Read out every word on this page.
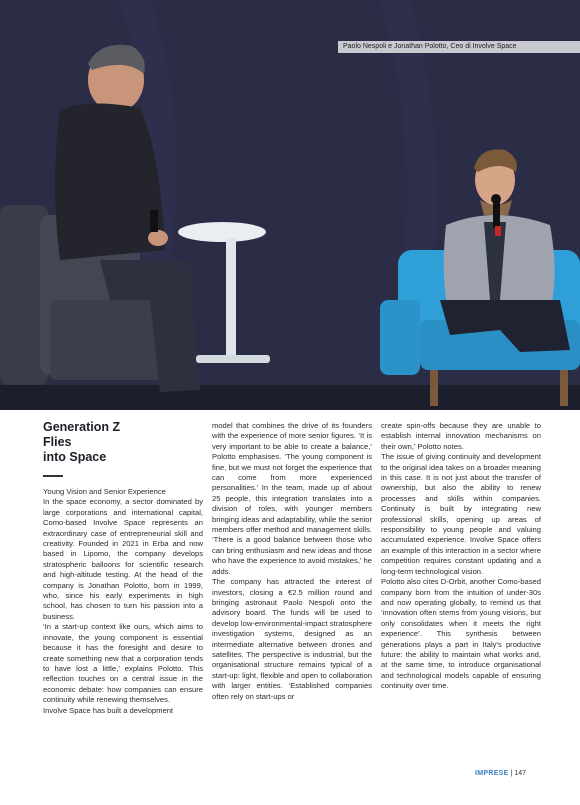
Paolo Nespoli e Jonathan Polotto, Ceo di Involve Space
Generation Z
Flies
into Space

Young Vision and Senior Experience

In the space economy, a sector dominated by large corporations and international capital, Como-based Involve Space represents an extraordinary case of entrepreneurial skill and creativity. Founded in 2021 in Erba and now based in Lipomo, the company develops stratospheric balloons for scientific research and high-altitude testing. At the head of the company is Jonathan Polotto, born in 1999, who, since his early experiments in high school, has chosen to turn his passion into a business.

‘In a start-up context like ours, which aims to innovate, the young component is essential because it has the foresight and desire to create something new that a corporation tends to have lost a little,’ explains Polotto. This reflection touches on a central issue in the economic debate: how companies can ensure continuity while renewing themselves.

Involve Space has built a development

model that combines the drive of its founders with the experience of more senior figures. ‘It is very important to be able to create a balance,’ Polotto emphasises. ‘The young component is fine, but we must not forget the experience that can come from more experienced personalities.’ In the team, made up of about 25 people, this integration translates into a division of roles, with younger members bringing ideas and adaptability, while the senior members offer method and management skills. ‘There is a good balance between those who can bring enthusiasm and new ideas and those who have the experience to avoid mistakes,’ he adds.

The company has attracted the interest of investors, closing a €2.5 million round and bringing astronaut Paolo Nespoli onto the advisory board. The funds will be used to develop low-environmental-impact stratosphere investigation systems, designed as an intermediate alternative between drones and satellites. The perspective is industrial, but the organisational structure remains typical of a start-up: light, flexible and open to collaboration with larger entities. ‘Established companies often rely on start-ups or

create spin-offs because they are unable to establish internal innovation mechanisms on their own,’ Polotto notes.

The issue of giving continuity and development to the original idea takes on a broader meaning in this case. It is not just about the transfer of ownership, but also the ability to renew processes and skills within companies. Continuity is built by integrating new professional skills, opening up areas of responsibility to young people and valuing accumulated experience. Involve Space offers an example of this interaction in a sector where competition requires constant updating and a long-term technological vision.

Polotto also cites D-Orbit, another Como-based company born from the intuition of under-30s and now operating globally, to remind us that ‘innovation often stems from young visions, but only consolidates when it meets the right experience’. This synthesis between generations plays a part in Italy’s productive future: the ability to maintain what works and, at the same time, to introduce organisational and technological models capable of ensuring continuity over time.

IMPRESE | 147
